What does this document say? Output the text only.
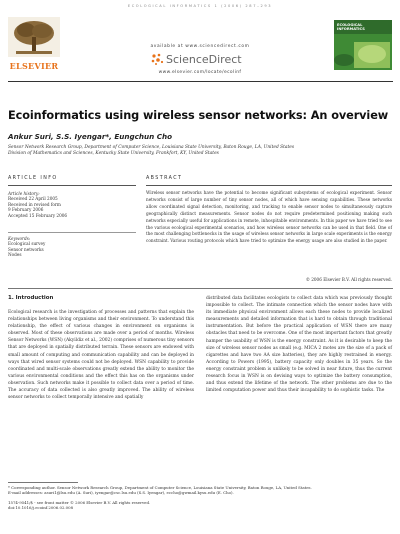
ECOLOGICAL INFORMATICS 1 (2006) 287–293
ELSEVIER
available at www.sciencedirect.com
ScienceDirect
www.elsevier.com/locate/ecolinf
ECOLOGICAL INFORMATICS
Ecoinformatics using wireless sensor networks: An overview
Ankur Suri, S.S. Iyengar*, Eungchun Cho
Sensor Network Research Group, Department of Computer Science, Louisiana State University, Baton Rouge, LA, United States
Division of Mathematics and Sciences, Kentucky State University, Frankfort, KY, United States
ARTICLE INFO
Article history:
Received 22 April 2005
Received in revised form
9 February 2006
Accepted 15 February 2006
Keywords:
Ecological survey
Sensor networks
Nodes
ABSTRACT
Wireless sensor networks have the potential to become significant subsystems of ecological experiment. Sensor networks consist of large number of tiny sensor nodes, all of which have sensing capabilities. These networks allow coordinated signal detection, monitoring, and tracking to enable sensor nodes to simultaneously capture geographically distinct measurements. Sensor nodes do not require predetermined positioning making such networks especially useful for applications in remote, inhospitable environments. In this paper we have tried to see the various ecological experimental scenarios, and how wireless sensor networks can be used in that field. One of the most challenging bottlenecks in the usage of wireless sensor networks in large scale experiments is the energy constraint. Various routing protocols which have tried to optimize the energy usage are also studied in the paper.
© 2006 Elsevier B.V. All rights reserved.
1. Introduction
Ecological research is the investigation of processes and patterns that explain the relationships between living organisms and their environment. To understand this relationship, the effect of various changes in environment on organisms is observed. Most of these observations are made over a period of months. Wireless Sensor Networks (WSN) (Akyildiz et al., 2002) comprises of numerous tiny sensors that are deployed in spatially distributed terrain. These sensors are endowed with small amount of computing and communication capability and can be deployed in ways that wired sensor systems could not be deployed. WSN capability to provide coordinated and multi-scale observations greatly extend the ability to monitor the various environmental conditions and the effect this has on the organisms under observation. Such networks make it possible to collect data over a period of time. The accuracy of data collected is also greatly improved. The ability of wireless sensor networks to collect temporally intensive and spatially
distributed data facilitates ecologists to collect data which was previously thought impossible to collect. The intimate connection which the sensor nodes have with its immediate physical environment allows each these nodes to provide localized measurements and detailed information that is hard to obtain through traditional instrumentation. But before the practical application of WSN there are many obstacles that need to be overcome. One of the most important factors that greatly hamper the usability of WSN is the energy constraint. As it is desirable to keep the size of wireless sensor nodes as small (e.g. MICA 2 motes are the size of a pack of cigarettes and have two AA size batteries), they are highly restrained in energy. According to Powers (1995), battery capacity only doubles in 35 years. So the energy constraint problem is unlikely to be solved in near future, thus the current research focus in WSN is on devising ways to optimize the battery consumption, and thus extend the lifetime of the network. The other problems are due to the limited computation power and thus their incapability to do sophistic tasks. The
* Corresponding author. Sensor Network Research Group, Department of Computer Science, Louisiana State University, Baton Rouge, LA, United States.
E-mail addresses: asuri1@lsu.edu (A. Suri), iyengar@csc.lsu.edu (S.S. Iyengar), eccho@gwmail.kysu.edu (E. Cho).
1574-9541/$ - see front matter © 2006 Elsevier B.V. All rights reserved.
doi:10.1016/j.ecoinf.2006.02.008
